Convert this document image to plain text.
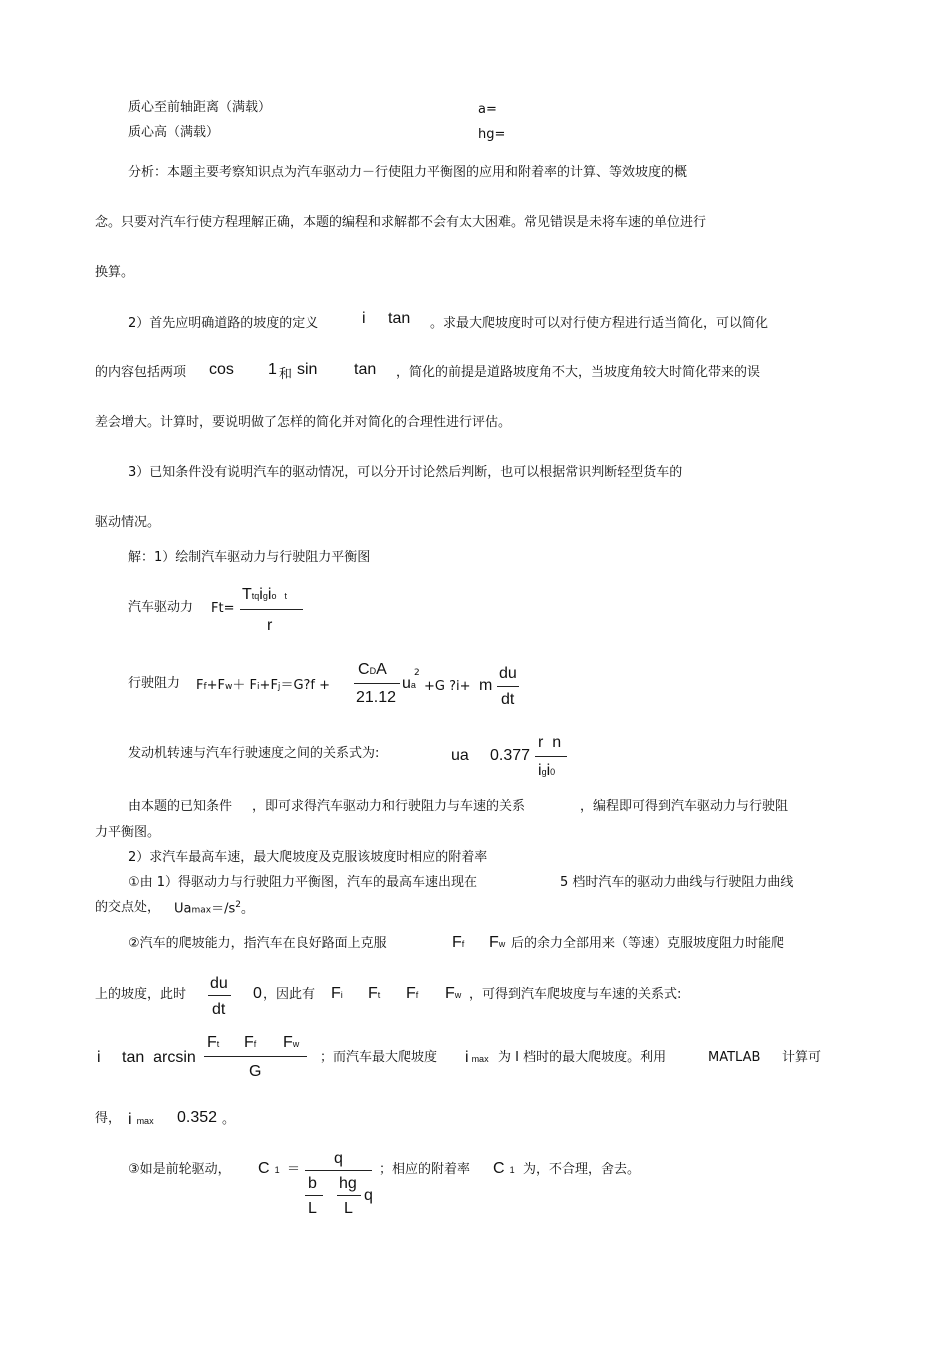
质心至前轴距离（满载）	a=
质心高（满载）	hg=
分析：本题主要考察知识点为汽车驱动力－行使阻力平衡图的应用和附着率的计算、等效坡度的概
念。只要对汽车行使方程理解正确，本题的编程和求解都不会有太大困难。常见错误是未将车速的单位进行
换算。
2）首先应明确道路的坡度的定义	i tan 。求最大爬坡度时可以对行使方程进行适当简化，可以简化
的内容包括两项 cos 1 和 sin tan ，简化的前提是道路坡度角不大，当坡度角较大时简化带来的误
差会增大。计算时，要说明做了怎样的简化并对简化的合理性进行评估。
3）已知条件没有说明汽车的驱动情况，可以分开讨论然后判断，也可以根据常识判断轻型货车的
驱动情况。
解：1）绘制汽车驱动力与行驶阻力平衡图
汽车驱动力 Ft=
Ttqigio t
r
行驶阻力 Ff+Fw＋ Fi+Fj＝G?f +
CDA
21.12
ua
2
+G ?i+ m
du
dt
发动机转速与汽车行驶速度之间的关系式为:	ua 0.377
r  n
igi0
由本题的已知条件 ，即可求得汽车驱动力和行驶阻力与车速的关系	，编程即可得到汽车驱动力与行驶阻
力平衡图。
2）求汽车最高车速，最大爬坡度及克服该坡度时相应的附着率
①由 1）得驱动力与行驶阻力平衡图，汽车的最高车速出现在	5 档时汽车的驱动力曲线与行驶阻力曲线
的交点处， $Uamax=/s^2$。
②汽车的爬坡能力，指汽车在良好路面上克服	Ff Fw 后的余力全部用来（等速）克服坡度阻力时能爬
上的坡度，此时
du
dt
0 ，因此有 Fi Ft Ff Fw ，可得到汽车爬坡度与车速的关系式:
i tan  arcsin
Ft Ff Fw
G
；而汽车最大爬坡度 imax 为 I 档时的最大爬坡度。利用	MATLAB 计算可
得， imax 0.352 。
③如是前轮驱动， C 1 ＝
q
b
L
hg
L
q
；相应的附着率 C 1 为，不合理，舍去。
